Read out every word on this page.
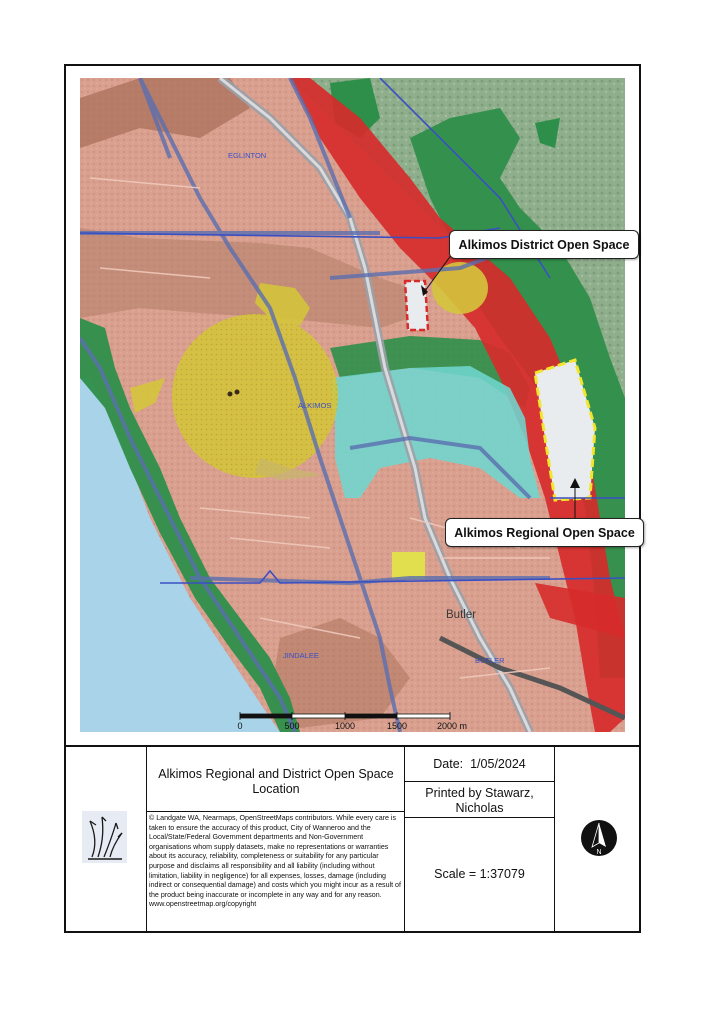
EGLINTON
ALKIMOS
JINDALEE
BUTLER
Butler
0	500	1000	1500	2000 m
Alkimos District Open Space
Alkimos Regional Open Space
Alkimos Regional and District Open Space Location
© Landgate WA, Nearmaps, OpenStreetMaps contributors. While every care is taken to ensure the accuracy of this product, City of Wanneroo and the Local/State/Federal Government departments and Non-Government organisations whom supply datasets, make no representations or warranties about its accuracy, reliability, completeness or suitability for any particular purpose and disclaims all responsibility and all liability (including without limitation, liability in negligence) for all expenses, losses, damage (including indirect or consequential damage) and costs which you might incur as a result of the product being inaccurate or incomplete in any way and for any reason. www.openstreetmap.org/copyright
Date: 1/05/2024
Printed by Stawarz, Nicholas
Scale = 1:37079
N
